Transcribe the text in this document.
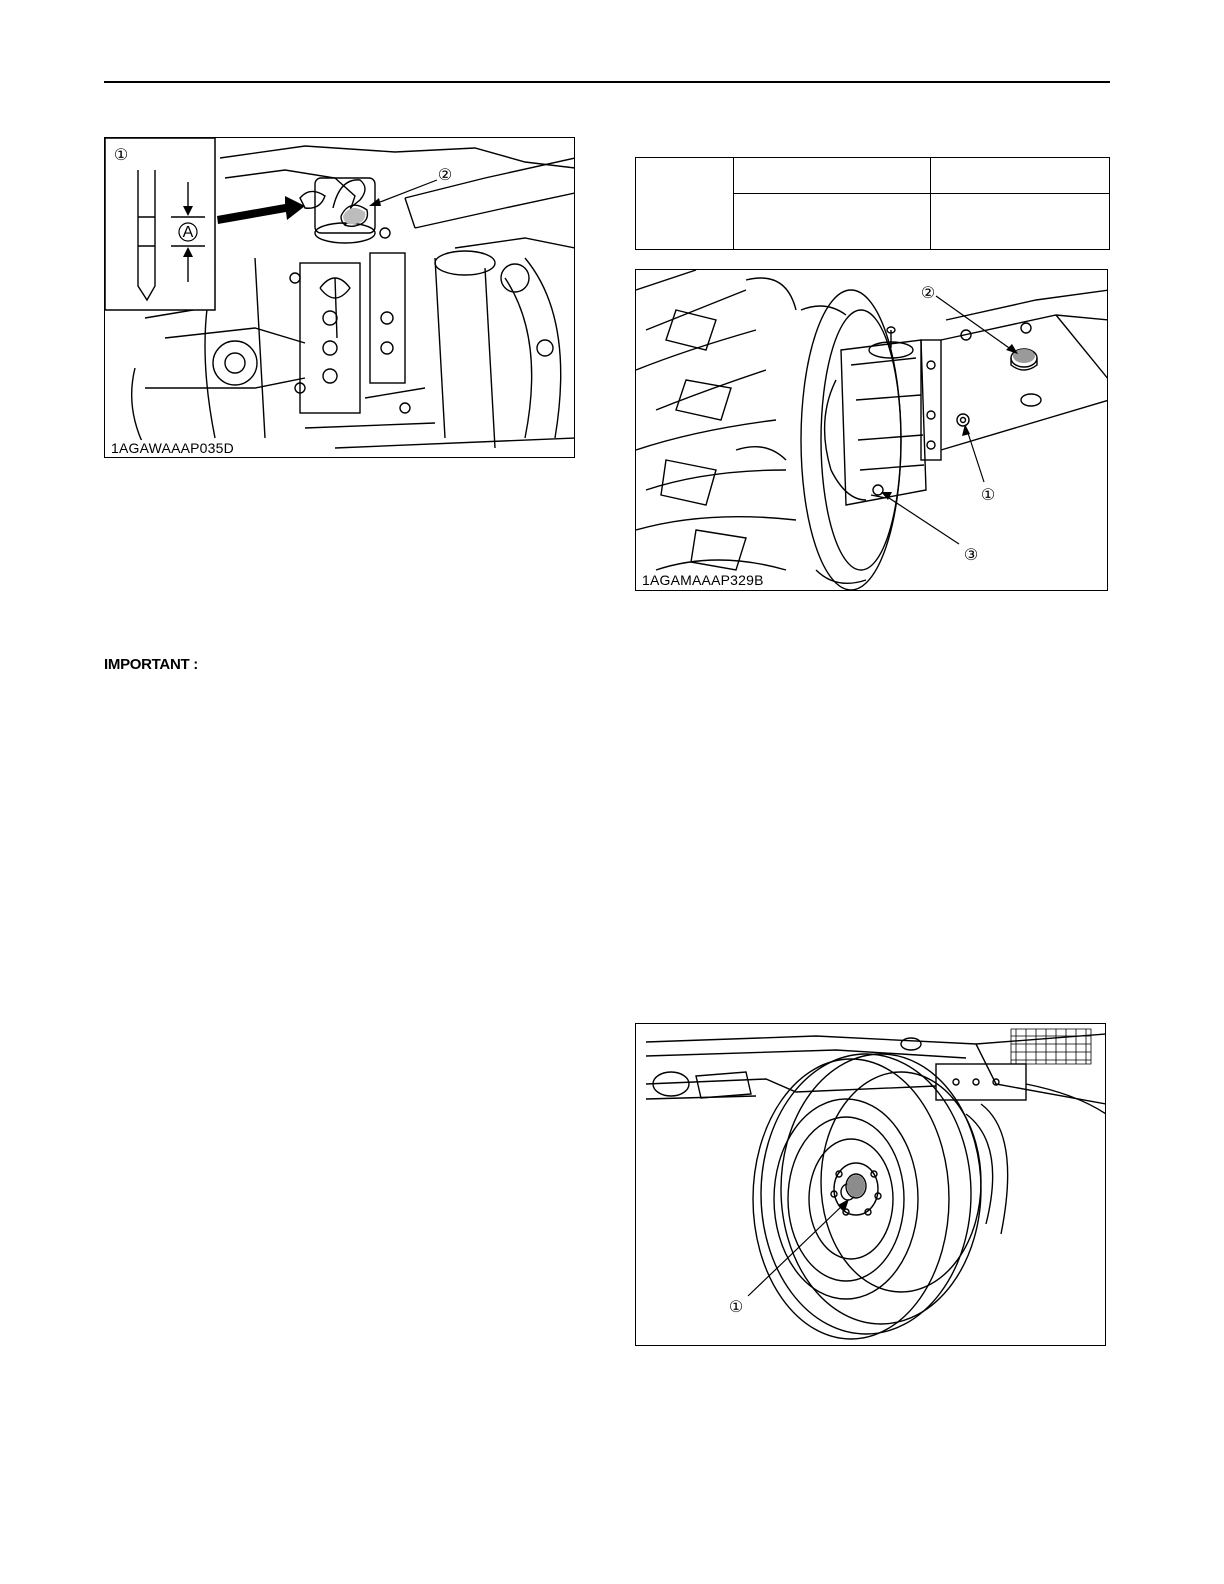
A
①
②
1AGAWAAAP035D
IMPORTANT :

②
①
③
1AGAMAAAP329B
①
